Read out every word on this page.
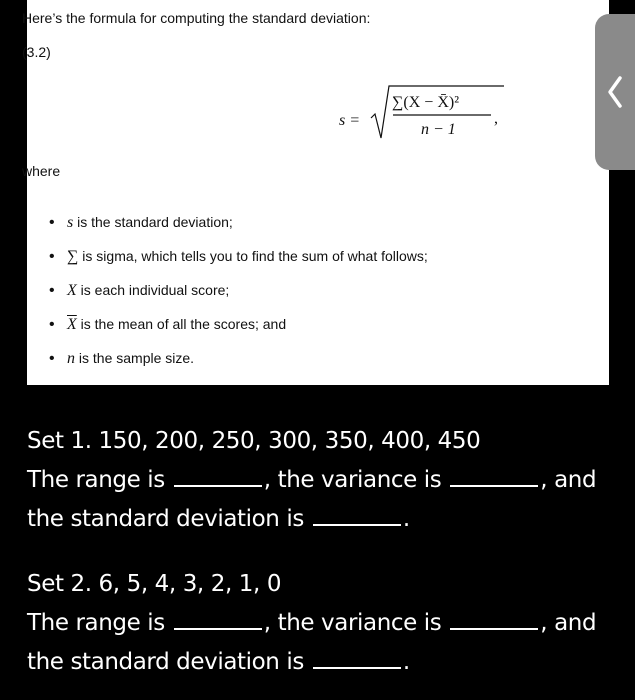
Here’s the formula for computing the standard deviation:
(3.2)
s =
∑(X − X̄)²
n − 1
,
where
• s is the standard deviation;
• ∑ is sigma, which tells you to find the sum of what follows;
• X is each individual score;
• $\overline{X}$ is the mean of all the scores; and
• n is the sample size.
Set 1. 150, 200, 250, 300, 350, 400, 450
The range is	, the variance is	, and
the standard deviation is	.
Set 2. 6, 5, 4, 3, 2, 1, 0
The range is	, the variance is	, and
the standard deviation is	.
